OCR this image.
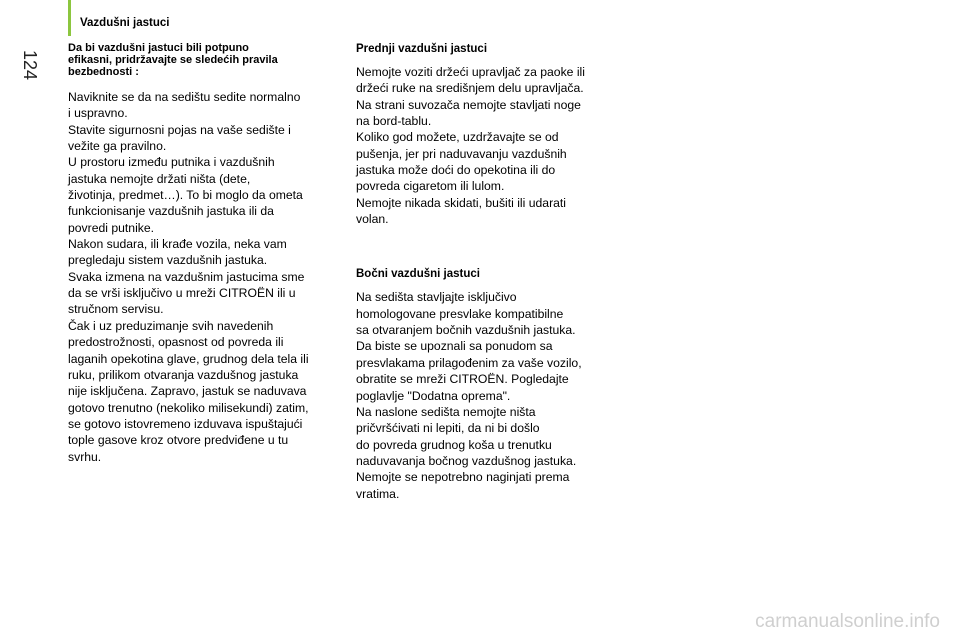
Vazdušni jastuci
124

Da bi vazdušni jastuci bili potpuno
efikasni, pridržavajte se sledećih pravila
bezbednosti :

Naviknite se da na sedištu sedite normalno
i uspravno.
Stavite sigurnosni pojas na vaše sedište i
vežite ga pravilno.
U prostoru između putnika i vazdušnih
jastuka nemojte držati ništa (dete,
životinja, predmet…). To bi moglo da ometa
funkcionisanje vazdušnih jastuka ili da
povredi putnike.
Nakon sudara, ili krađe vozila, neka vam
pregledaju sistem vazdušnih jastuka.
Svaka izmena na vazdušnim jastucima sme
da se vrši isključivo u mreži CITROËN ili u
stručnom servisu.
Čak i uz preduzimanje svih navedenih
predostrožnosti, opasnost od povreda ili
laganih opekotina glave, grudnog dela tela ili
ruku, prilikom otvaranja vazdušnog jastuka
nije isključena. Zapravo, jastuk se naduvava
gotovo trenutno (nekoliko milisekundi) zatim,
se gotovo istovremeno izduvava ispuštajući
tople gasove kroz otvore predviđene u tu
svrhu.

Prednji vazdušni jastuci

Nemojte voziti držeći upravljač za paoke ili
držeći ruke na središnjem delu upravljača.
Na strani suvozača nemojte stavljati noge
na bord-tablu.
Koliko god možete, uzdržavajte se od
pušenja, jer pri naduvavanju vazdušnih
jastuka može doći do opekotina ili do
povreda cigaretom ili lulom.
Nemojte nikada skidati, bušiti ili udarati
volan.

Bočni vazdušni jastuci

Na sedišta stavljajte isključivo
homologovane presvlake kompatibilne
sa otvaranjem bočnih vazdušnih jastuka.
Da biste se upoznali sa ponudom sa
presvlakama prilagođenim za vaše vozilo,
obratite se mreži CITROËN. Pogledajte
poglavlje "Dodatna oprema".
Na naslone sedišta nemojte ništa
pričvršćivati ni lepiti, da ni bi došlo
do povreda grudnog koša u trenutku
naduvavanja bočnog vazdušnog jastuka.
Nemojte se nepotrebno naginjati prema
vratima.

carmanualsonline.info
